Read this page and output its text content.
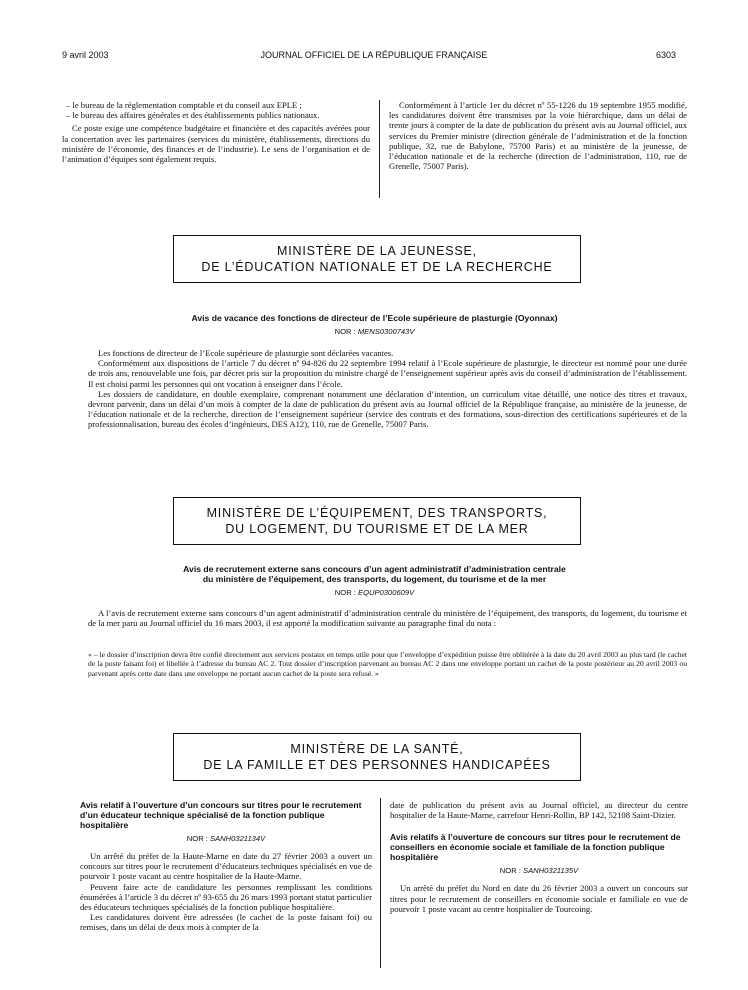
9 avril 2003	JOURNAL OFFICIEL DE LA RÉPUBLIQUE FRANÇAISE	6303

– le bureau de la réglementation comptable et du conseil aux EPLE ;

– le bureau des affaires générales et des établissements publics nationaux.

Ce poste exige une compétence budgétaire et financière et des capacités avérées pour la concertation avec les partenaires (services du ministère, établissements, directions du ministère de l’économie, des finances et de l’industrie). Le sens de l’organisation et de l’animation d’équipes sont également requis.

Conformément à l’article 1er du décret nº 55-1226 du 19 septembre 1955 modifié, les candidatures doivent être transmises par la voie hiérarchique, dans un délai de trente jours à compter de la date de publication du présent avis au Journal officiel, aux services du Premier ministre (direction générale de l’administration et de la fonction publique, 32, rue de Babylone, 75700 Paris) et au ministère de la jeunesse, de l’éducation nationale et de la recherche (direction de l’administration, 110, rue de Grenelle, 75007 Paris).

MINISTÈRE DE LA JEUNESSE,
DE L’ÉDUCATION NATIONALE ET DE LA RECHERCHE
Avis de vacance des fonctions de directeur de l’Ecole supérieure de plasturgie (Oyonnax)
NOR : MENS0300743V

Les fonctions de directeur de l’Ecole supérieure de plasturgie sont déclarées vacantes.

Conformément aux dispositions de l’article 7 du décret nº 94-826 du 22 septembre 1994 relatif à l’Ecole supérieure de plasturgie, le directeur est nommé pour une durée de trois ans, renouvelable une fois, par décret pris sur la proposition du ministre chargé de l’enseignement supérieur après avis du conseil d’administration de l’établissement. Il est choisi parmi les personnes qui ont vocation à enseigner dans l’école.

Les dossiers de candidature, en double exemplaire, comprenant notamment une déclaration d’intention, un curriculum vitae détaillé, une notice des titres et travaux, devront parvenir, dans un délai d’un mois à compter de la date de publication du présent avis au Journal officiel de la République française, au ministère de la jeunesse, de l’éducation nationale et de la recherche, direction de l’enseignement supérieur (service des contrats et des formations, sous-direction des certifications supérieures et de la professionnalisation, bureau des écoles d’ingénieurs, DES A12), 110, rue de Grenelle, 75007 Paris.

MINISTÈRE DE L’ÉQUIPEMENT, DES TRANSPORTS,
DU LOGEMENT, DU TOURISME ET DE LA MER
Avis de recrutement externe sans concours d’un agent administratif d’administration centrale
du ministère de l’équipement, des transports, du logement, du tourisme et de la mer
NOR : EQUP0300609V

A l’avis de recrutement externe sans concours d’un agent administratif d’administration centrale du ministère de l’équipement, des transports, du logement, du tourisme et de la mer paru au Journal officiel du 16 mars 2003, il est apporté la modification suivante au paragraphe final du nota :

« – le dossier d’inscription devra être confié directement aux services postaux en temps utile pour que l’enveloppe d’expédition puisse être oblitérée à la date du 20 avril 2003 au plus tard (le cachet de la poste faisant foi) et libellée à l’adresse du bureau AC 2. Tout dossier d’inscription parvenant au bureau AC 2 dans une enveloppe portant un cachet de la poste postérieur au 20 avril 2003 ou parvenant après cette date dans une enveloppe ne portant aucun cachet de la poste sera refusé. »
MINISTÈRE DE LA SANTÉ,
DE LA FAMILLE ET DES PERSONNES HANDICAPÉES
Avis relatif à l’ouverture d’un concours sur titres pour le recrutement d’un éducateur technique spécialisé de la fonction publique hospitalière
NOR : SANH0321134V

Un arrêté du préfet de la Haute-Marne en date du 27 février 2003 a ouvert un concours sur titres pour le recrutement d’éducateurs techniques spécialisés en vue de pourvoir 1 poste vacant au centre hospitalier de la Haute-Marne.

Peuvent faire acte de candidature les personnes remplissant les conditions énumérées à l’article 3 du décret nº 93-655 du 26 mars 1993 portant statut particulier des éducateurs techniques spécialisés de la fonction publique hospitalière.

Les candidatures doivent être adressées (le cachet de la poste faisant foi) ou remises, dans un délai de deux mois à compter de la

date de publication du présent avis au Journal officiel, au directeur du centre hospitalier de la Haute-Marne, carrefour Henri-Rollin, BP 142, 52108 Saint-Dizier.

Avis relatifs à l’ouverture de concours sur titres pour le recrutement de conseillers en économie sociale et familiale de la fonction publique hospitalière
NOR : SANH0321135V

Un arrêté du préfet du Nord en date du 26 février 2003 a ouvert un concours sur titres pour le recrutement de conseillers en économie sociale et familiale en vue de pourvoir 1 poste vacant au centre hospitalier de Tourcoing.
